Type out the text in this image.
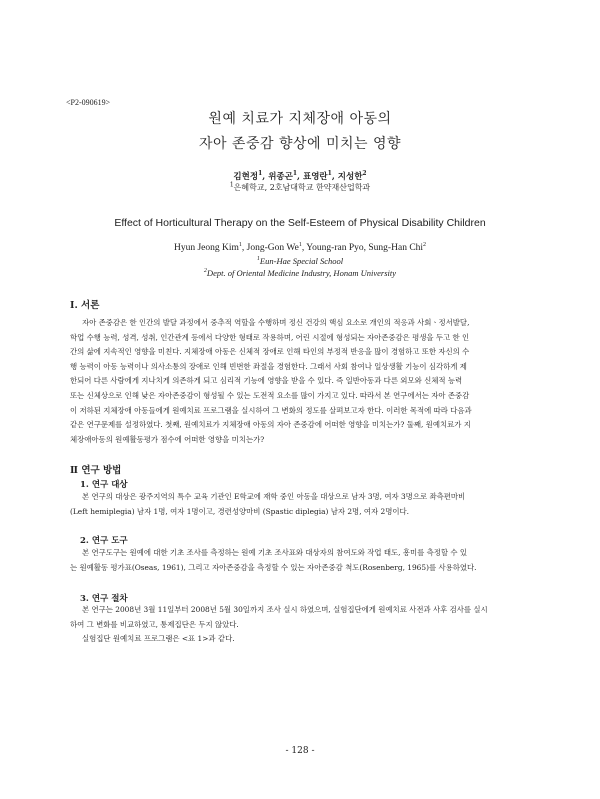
<P2-090619>
원예 치료가 지체장애 아동의
자아 존중감 향상에 미치는 영향
김현정$^1$, 위종곤$^1$, 표영란$^1$, 지성한$^2$
$^1$은혜학교, 2호남대학교 한약재산업학과
Effect of Horticultural Therapy on the Self-Esteem of Physical Disability Children
Hyun Jeong Kim$^1$, Jong-Gon We$^1$, Young-ran Pyo, Sung-Han Chi$^2$
$^1$Eun-Hae Special School
$^2$Dept. of Oriental Medicine Industry, Honam University
Ⅰ. 서론
자아 존중감은 한 인간의 발달 과정에서 중추적 역할을 수행하며 정신 건강의 핵심 요소로 개인의 적응과 사회ㆍ정서발달,
학업 수행 능력, 성격, 성취, 인간관계 등에서 다양한 형태로 작용하며, 어린 시절에 형성되는 자아존중감은 평생을 두고 한 인
간의 삶에 지속적인 영향을 미친다. 지체장애 아동은 신체적 장애로 인해 타인의 부정적 반응을 많이 경험하고 또한 자신의 수
행 능력이 아동 능력이나 의사소통의 장애로 인해 빈번한 좌절을 경험한다. 그래서 사회 참여나 일상생활 기능이 심각하게 제
한되어 다른 사람에게 지나치게 의존하게 되고 심리적 기능에 영향을 받을 수 있다. 즉 일반아동과 다른 외모와 신체적 능력
또는 신체상으로 인해 낮은 자아존중감이 형성될 수 있는 도전적 요소를 많이 가지고 있다. 따라서 본 연구에서는 자아 존중감
이 저하된 지체장애 아동들에게 원예치료 프로그램을 실시하여 그 변화의 정도를 살펴보고자 한다. 이러한 목적에 따라 다음과
같은 연구문제를 설정하였다. 첫째, 원예치료가 지체장애 아동의 자아 존중감에 어떠한 영향을 미치는가? 둘째, 원예치료가 지
체장애아동의 원예활동평가 점수에 어떠한 영향을 미치는가?
Ⅱ 연구 방법
1. 연구 대상
본 연구의 대상은 광주지역의 특수 교육 기관인 E학교에 재학 중인 아동을 대상으로 남자 3명, 여자 3명으로 좌측편마비
(Left hemiplegia) 남자 1명, 여자 1명이고, 경련성양마비 (Spastic diplegia) 남자 2명, 여자 2명이다.
2. 연구 도구
본 연구도구는 원예에 대한 기초 조사를 측정하는 원예 기초 조사표와 대상자의 참여도와 작업 태도, 흥미를 측정할 수 있
는 원예활동 평가표(Oseas, 1961), 그리고 자아존중감을 측정할 수 있는 자아존중감 척도(Rosenberg, 1965)를 사용하였다.
3. 연구 절차
본 연구는 2008년 3월 11일부터 2008년 5월 30일까지 조사 실시 하였으며, 실험집단에게 원예치료 사전과 사후 검사를 실시
하여 그 변화를 비교하였고, 통제집단은 두지 않았다.
실험집단 원예치료 프로그램은 <표 1>과 같다.
- 128 -
